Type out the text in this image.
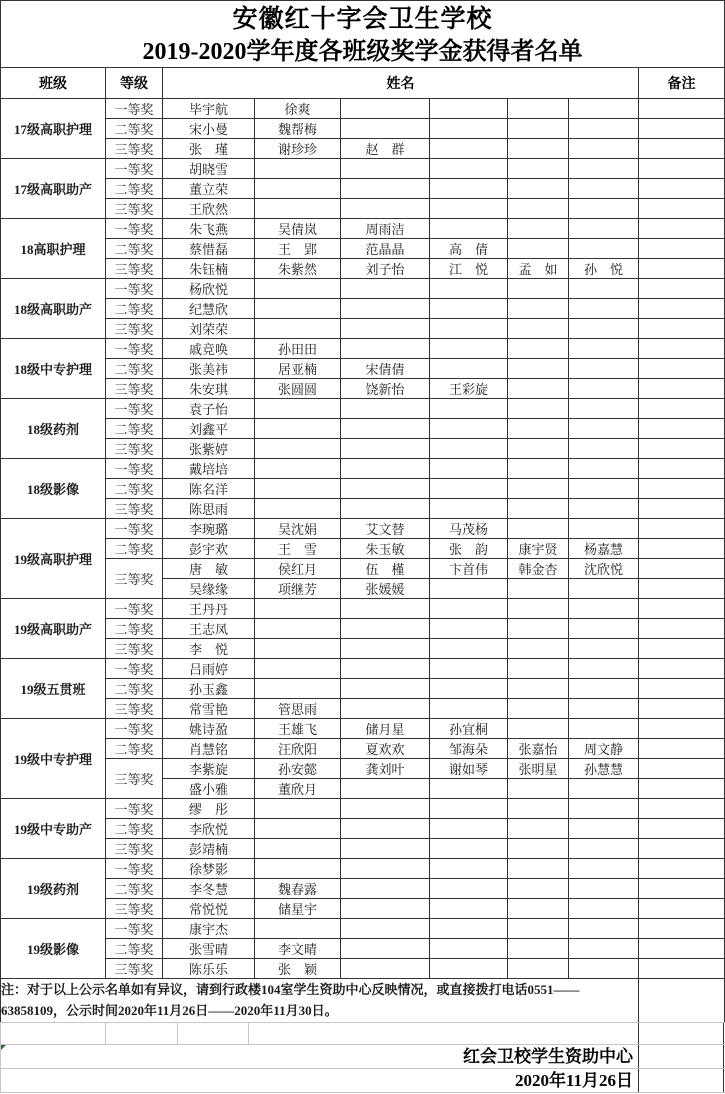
安徽红十字会卫生学校
2019-2020学年度各班级奖学金获得者名单								

班级	等级	姓名						备注
17级高职护理	一等奖	毕宇航	徐爽					
	二等奖	宋小曼	魏帮梅					
	三等奖	张　瑾	谢珍珍	赵　群				
17级高职助产	一等奖	胡晓雪						
	二等奖	董立荣						
	三等奖	王欣然						
18高职护理	一等奖	朱飞燕	吴倩岚	周雨洁				
	二等奖	蔡惜磊	王　郢	范晶晶	高　倩			
	三等奖	朱钰楠	朱紫然	刘子怡	江　悦	孟　如	孙　悦	
18级高职助产	一等奖	杨欣悦						
	二等奖	纪慧欣						
	三等奖	刘荣荣						
18级中专护理	一等奖	戚竞唤	孙田田					
	二等奖	张美祎	居亚楠	宋倩倩				
	三等奖	朱安琪	张圆圆	饶新怡	王彩旋			
18级药剂	一等奖	袁子怡						
	二等奖	刘鑫平						
	三等奖	张紫婷						
18级影像	一等奖	戴培培						
	二等奖	陈名洋						
	三等奖	陈思雨						
19级高职护理	一等奖	李琬璐	吴沈娟	艾文替	马茂杨			
	二等奖	彭宇欢	王　雪	朱玉敏	张　韵	康宇贤	杨嘉慧	
	三等奖	唐　敏	侯红月	伍　槿	卞首伟	韩金杏	沈欣悦	
		吴缘缘	项继芳	张媛媛				
19级高职助产	一等奖	王丹丹						
	二等奖	王志凤						
	三等奖	李　悦						
19级五贯班	一等奖	吕雨婷						
	二等奖	孙玉鑫						
	三等奖	常雪艳	管思雨					
19级中专护理	一等奖	姚诗盈	王雄飞	储月星	孙宜桐			
	二等奖	肖慧铭	汪欣阳	夏欢欢	邹海朵	张嘉怡	周文静	
	三等奖	李紫旋	孙安懿	龚刘叶	谢如琴	张明星	孙慧慧	
		盛小雅	董欣月					
19级中专助产	一等奖	缪　彤						
	二等奖	李欣悦						
	三等奖	彭靖楠						
19级药剂	一等奖	徐梦影						
	二等奖	李冬慧	魏春露					
	三等奖	常悦悦	储星宇					
19级影像	一等奖	康宇杰						
	二等奖	张雪晴	李文晴					
	三等奖	陈乐乐	张　颖					
注：对于以上公示名单如有异议，请到行政楼104室学生资助中心反映情况，或直接拨打电话0551——63858109，公示时间2020年11月26日——2020年11月30日。								
红会卫校学生资助中心
2020年11月26日
